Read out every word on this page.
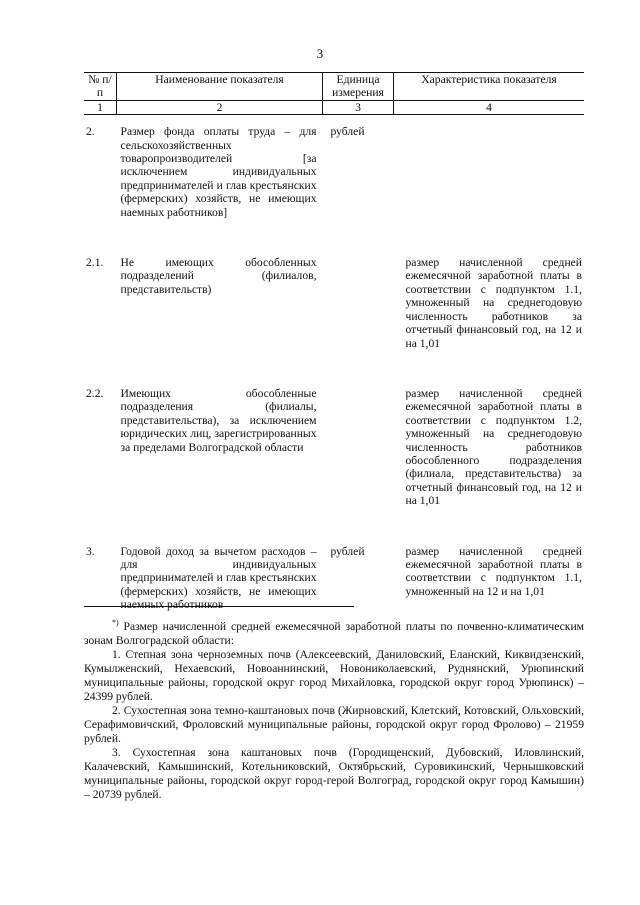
3
№ п/п	Наименование показателя	Единица измерения	Характеристика показателя
1	2	3	4
2.	Размер фонда оплаты труда – для сельскохозяйственных товаропроизводителей [за исключением индивидуальных предпринимателей и глав крестьянских (фермерских) хозяйств, не имеющих наемных работников]	рублей	
2.1.	Не имеющих обособленных подразделений (филиалов, представительств)		размер начисленной средней ежемесячной заработной платы в соответствии с подпунктом 1.1, умноженный на среднегодовую численность работников за отчетный финансовый год, на 12 и на 1,01
2.2.	Имеющих обособленные подразделения (филиалы, представительства), за исключением юридических лиц, зарегистрированных за пределами Волгоградской области		размер начисленной средней ежемесячной заработной платы в соответствии с подпунктом 1.2, умноженный на среднегодовую численность работников обособленного подразделения (филиала, представительства) за отчетный финансовый год, на 12 и на 1,01
3.	Годовой доход за вычетом расходов – для индивидуальных предпринимателей и глав крестьянских (фермерских) хозяйств, не имеющих наемных работников	рублей	размер начисленной средней ежемесячной заработной платы в соответствии с подпунктом 1.1, умноженный на 12 и на 1,01

*) Размер начисленной средней ежемесячной заработной платы по почвенно-климатическим зонам Волгоградской области:

1. Степная зона черноземных почв (Алексеевский, Даниловский, Еланский, Киквидзенский, Кумылженский, Нехаевский, Новоаннинский, Новониколаевский, Руднянский, Урюпинский муниципальные районы, городской округ город Михайловка, городской округ город Урюпинск) – 24399 рублей.

2. Сухостепная зона темно-каштановых почв (Жирновский, Клетский, Котовский, Ольховский, Серафимовичский, Фроловский муниципальные районы, городской округ город Фролово) – 21959 рублей.

3. Сухостепная зона каштановых почв (Городищенский, Дубовский, Иловлинский, Калачевский, Камышинский, Котельниковский, Октябрьский, Суровикинский, Чернышковский муниципальные районы, городской округ город-герой Волгоград, городской округ город Камышин) – 20739 рублей.
